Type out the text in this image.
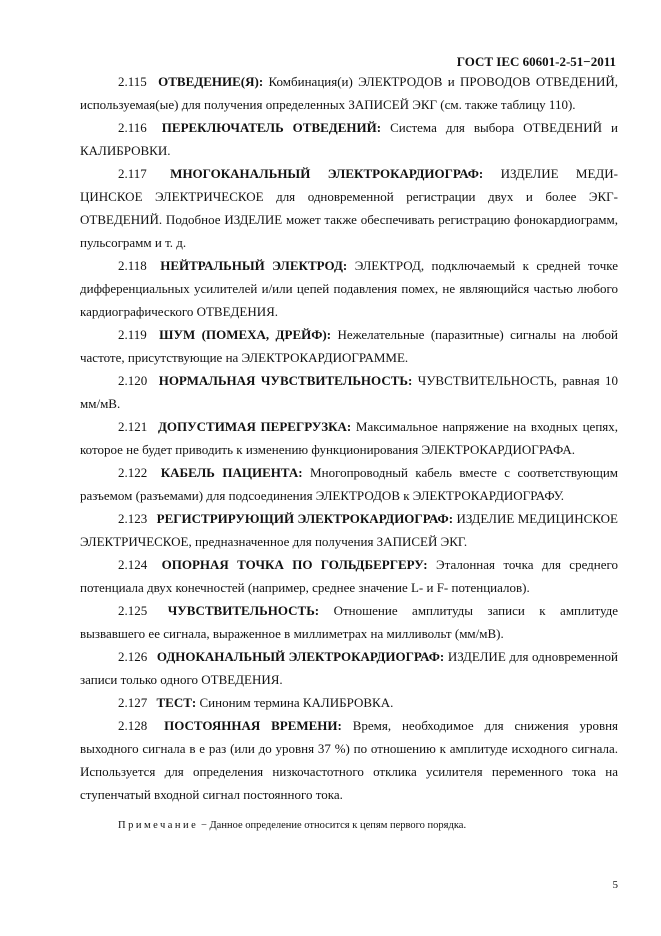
ГОСТ IEC 60601-2-51−2011

2.115 ОТВЕДЕНИЕ(Я): Комбинация(и) ЭЛЕКТРОДОВ и ПРОВОДОВ ОТВЕДЕНИЙ, используемая(ые) для получения определенных ЗАПИСЕЙ ЭКГ (см. также таблицу 110).

2.116 ПЕРЕКЛЮЧАТЕЛЬ ОТВЕДЕНИЙ: Система для выбора ОТВЕДЕНИЙ и КАЛИБРОВКИ.

2.117 МНОГОКАНАЛЬНЫЙ ЭЛЕКТРОКАРДИОГРАФ: ИЗДЕЛИЕ МЕДИ-ЦИНСКОЕ ЭЛЕКТРИЧЕСКОЕ для одновременной регистрации двух и более ЭКГ-ОТВЕДЕНИЙ. Подобное ИЗДЕЛИЕ может также обеспечивать регистрацию фонокардиограмм, пульсограмм и т. д.

2.118 НЕЙТРАЛЬНЫЙ ЭЛЕКТРОД: ЭЛЕКТРОД, подключаемый к средней точке дифференциальных усилителей и/или цепей подавления помех, не являющийся частью любого кардиографического ОТВЕДЕНИЯ.

2.119 ШУМ (ПОМЕХА, ДРЕЙФ): Нежелательные (паразитные) сигналы на любой частоте, присутствующие на ЭЛЕКТРОКАРДИОГРАММЕ.

2.120 НОРМАЛЬНАЯ ЧУВСТВИТЕЛЬНОСТЬ: ЧУВСТВИТЕЛЬНОСТЬ, равная 10 мм/мВ.

2.121 ДОПУСТИМАЯ ПЕРЕГРУЗКА: Максимальное напряжение на входных цепях, которое не будет приводить к изменению функционирования ЭЛЕКТРОКАРДИОГРАФА.

2.122 КАБЕЛЬ ПАЦИЕНТА: Многопроводный кабель вместе с соответствующим разъемом (разъемами) для подсоединения ЭЛЕКТРОДОВ к ЭЛЕКТРОКАРДИОГРАФУ.

2.123 РЕГИСТРИРУЮЩИЙ ЭЛЕКТРОКАРДИОГРАФ: ИЗДЕЛИЕ МЕДИЦИНСКОЕ ЭЛЕКТРИЧЕСКОЕ, предназначенное для получения ЗАПИСЕЙ ЭКГ.

2.124 ОПОРНАЯ ТОЧКА ПО ГОЛЬДБЕРГЕРУ: Эталонная точка для среднего потенциала двух конечностей (например, среднее значение L- и F- потенциалов).

2.125 ЧУВСТВИТЕЛЬНОСТЬ: Отношение амплитуды записи к амплитуде вызвавшего ее сигнала, выраженное в миллиметрах на милливольт (мм/мВ).

2.126 ОДНОКАНАЛЬНЫЙ ЭЛЕКТРОКАРДИОГРАФ: ИЗДЕЛИЕ для одновременной записи только одного ОТВЕДЕНИЯ.

2.127 ТЕСТ: Синоним термина КАЛИБРОВКА.

2.128 ПОСТОЯННАЯ ВРЕМЕНИ: Время, необходимое для снижения уровня выходного сигнала в е раз (или до уровня 37 %) по отношению к амплитуде исходного сигнала. Используется для определения низкочастотного отклика усилителя переменного тока на ступенчатый входной сигнал постоянного тока.

Примечание − Данное определение относится к цепям первого порядка.

5
